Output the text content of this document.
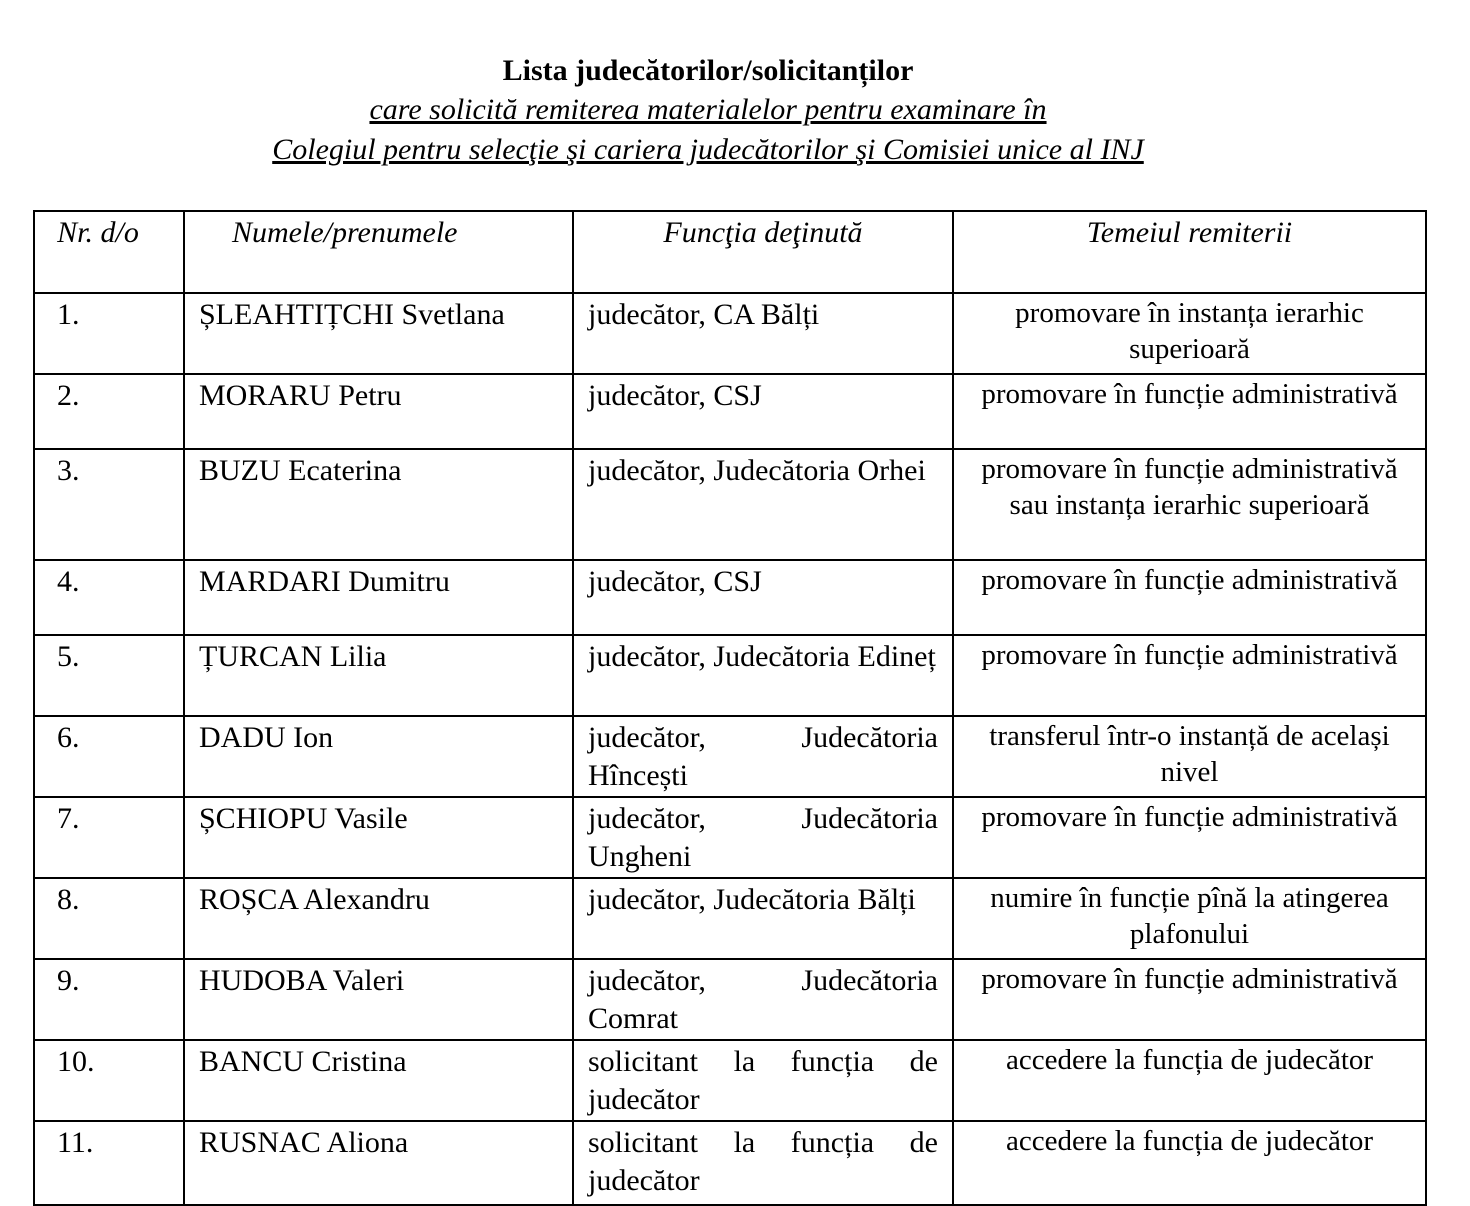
Lista judecătorilor/solicitanților
care solicită remiterea materialelor pentru examinare în
Colegiul pentru selecţie şi cariera judecătorilor şi Comisiei unice al INJ
Nr. d/o	Numele/prenumele	Funcţia deţinută	Temeiul remiterii
1.	ȘLEAHTIȚCHI Svetlana	judecător, CA Bălți	promovare în instanța ierarhic superioară
2.	MORARU Petru	judecător, CSJ	promovare în funcție administrativă
3.	BUZU Ecaterina	judecător, Judecătoria Orhei	promovare în funcție administrativă sau instanța ierarhic superioară
4.	MARDARI Dumitru	judecător, CSJ	promovare în funcție administrativă
5.	ȚURCAN Lilia	judecător, Judecătoria Edineț	promovare în funcție administrativă
6.	DADU Ion	judecător, Judecătoria Hîncești	transferul într-o instanță de același nivel
7.	ȘCHIOPU Vasile	judecător, Judecătoria Ungheni	promovare în funcție administrativă
8.	ROȘCA Alexandru	judecător, Judecătoria Bălți	numire în funcție pînă la atingerea plafonului
9.	HUDOBA Valeri	judecător, Judecătoria Comrat	promovare în funcție administrativă
10.	BANCU Cristina	solicitant la funcția de judecător	accedere la funcția de judecător
11.	RUSNAC Aliona	solicitant la funcția de judecător	accedere la funcția de judecător
